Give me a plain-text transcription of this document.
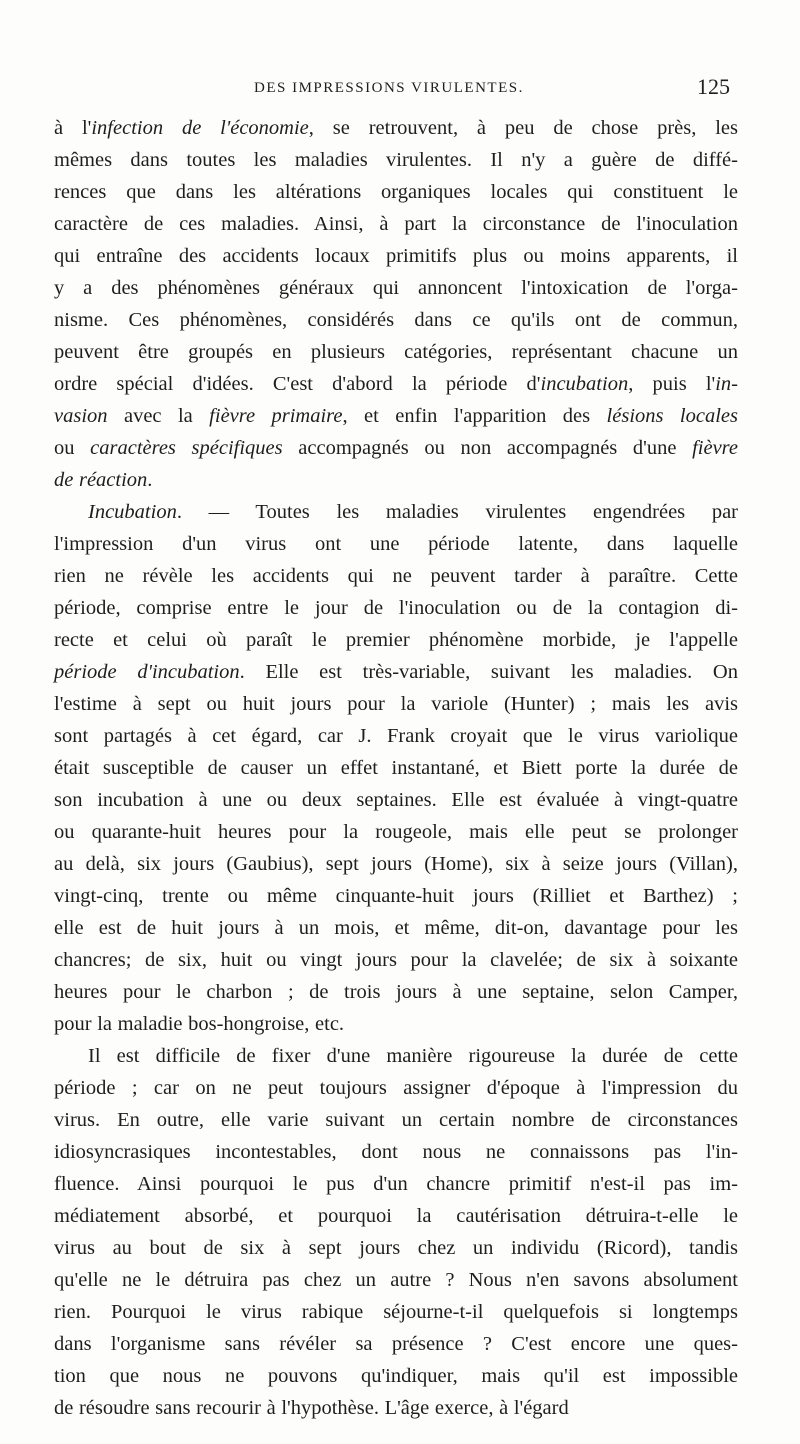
DES IMPRESSIONS VIRULENTES.	125
à l'infection de l'économie, se retrouvent, à peu de chose près, les
mêmes dans toutes les maladies virulentes. Il n'y a guère de diffé-
rences que dans les altérations organiques locales qui constituent le
caractère de ces maladies. Ainsi, à part la circonstance de l'inoculation
qui entraîne des accidents locaux primitifs plus ou moins apparents, il
y a des phénomènes généraux qui annoncent l'intoxication de l'orga-
nisme. Ces phénomènes, considérés dans ce qu'ils ont de commun,
peuvent être groupés en plusieurs catégories, représentant chacune un
ordre spécial d'idées. C'est d'abord la période d'incubation, puis l'in-
vasion avec la fièvre primaire, et enfin l'apparition des lésions locales
ou caractères spécifiques accompagnés ou non accompagnés d'une fièvre
de réaction.
Incubation. — Toutes les maladies virulentes engendrées par
l'impression d'un virus ont une période latente, dans laquelle
rien ne révèle les accidents qui ne peuvent tarder à paraître. Cette
période, comprise entre le jour de l'inoculation ou de la contagion di-
recte et celui où paraît le premier phénomène morbide, je l'appelle
période d'incubation. Elle est très-variable, suivant les maladies. On
l'estime à sept ou huit jours pour la variole (Hunter) ; mais les avis
sont partagés à cet égard, car J. Frank croyait que le virus variolique
était susceptible de causer un effet instantané, et Biett porte la durée de
son incubation à une ou deux septaines. Elle est évaluée à vingt-quatre
ou quarante-huit heures pour la rougeole, mais elle peut se prolonger
au delà, six jours (Gaubius), sept jours (Home), six à seize jours (Villan),
vingt-cinq, trente ou même cinquante-huit jours (Rilliet et Barthez) ;
elle est de huit jours à un mois, et même, dit-on, davantage pour les
chancres; de six, huit ou vingt jours pour la clavelée; de six à soixante
heures pour le charbon ; de trois jours à une septaine, selon Camper,
pour la maladie bos-hongroise, etc.
Il est difficile de fixer d'une manière rigoureuse la durée de cette
période ; car on ne peut toujours assigner d'époque à l'impression du
virus. En outre, elle varie suivant un certain nombre de circonstances
idiosyncrasiques incontestables, dont nous ne connaissons pas l'in-
fluence. Ainsi pourquoi le pus d'un chancre primitif n'est-il pas im-
médiatement absorbé, et pourquoi la cautérisation détruira-t-elle le
virus au bout de six à sept jours chez un individu (Ricord), tandis
qu'elle ne le détruira pas chez un autre ? Nous n'en savons absolument
rien. Pourquoi le virus rabique séjourne-t-il quelquefois si longtemps
dans l'organisme sans révéler sa présence ? C'est encore une ques-
tion que nous ne pouvons qu'indiquer, mais qu'il est impossible
de résoudre sans recourir à l'hypothèse. L'âge exerce, à l'égard
